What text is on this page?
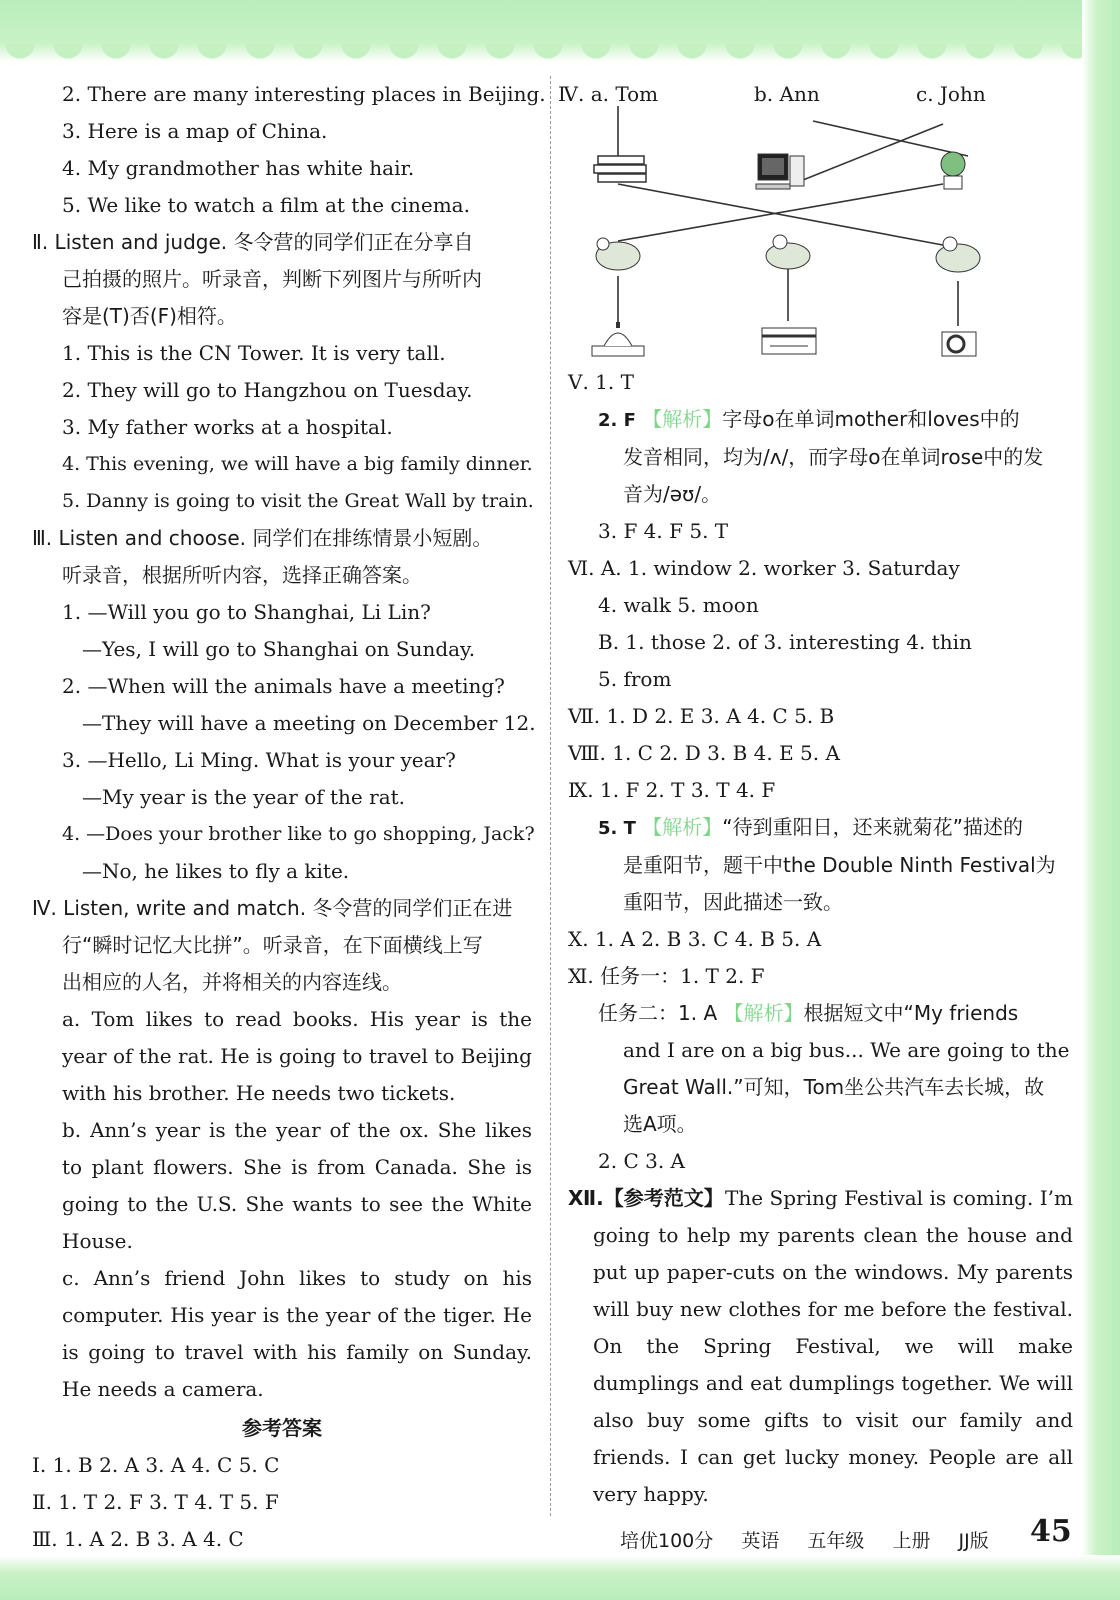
2. There are many interesting places in Beijing.
3. Here is a map of China.
4. My grandmother has white hair.
5. We like to watch a film at the cinema.
Ⅱ. Listen and judge. 冬令营的同学们正在分享自
己拍摄的照片。听录音，判断下列图片与所听内
容是(T)否(F)相符。
1. This is the CN Tower. It is very tall.
2. They will go to Hangzhou on Tuesday.
3. My father works at a hospital.
4. This evening, we will have a big family dinner.
5. Danny is going to visit the Great Wall by train.
Ⅲ. Listen and choose. 同学们在排练情景小短剧。
听录音，根据所听内容，选择正确答案。
1. —Will you go to Shanghai, Li Lin?
—Yes, I will go to Shanghai on Sunday.
2. —When will the animals have a meeting?
—They will have a meeting on December 12.
3. —Hello, Li Ming. What is your year?
—My year is the year of the rat.
4. —Does your brother like to go shopping, Jack?
—No, he likes to fly a kite.
Ⅳ. Listen, write and match. 冬令营的同学们正在进
行“瞬时记忆大比拼”。听录音，在下面横线上写
出相应的人名，并将相关的内容连线。
a. Tom likes to read books. His year is the year of the rat. He is going to travel to Beijing with his brother. He needs two tickets.
b. Ann’s year is the year of the ox. She likes to plant flowers. She is from Canada. She is going to the U.S. She wants to see the White House.
c. Ann’s friend John likes to study on his computer. His year is the year of the tiger. He is going to travel with his family on Sunday. He needs a camera.
参考答案
Ⅰ. 1. B 2. A 3. A 4. C 5. C
Ⅱ. 1. T 2. F 3. T 4. T 5. F
Ⅲ. 1. A 2. B 3. A 4. C
Ⅳ. a. Tom	b. Ann	c. John
Ⅴ. 1. T
2. F 【解析】字母o在单词mother和loves中的
发音相同，均为/ʌ/，而字母o在单词rose中的发
音为/əʊ/。
3. F 4. F 5. T
Ⅵ. A. 1. window 2. worker 3. Saturday
4. walk 5. moon
B. 1. those 2. of 3. interesting 4. thin
5. from
Ⅶ. 1. D 2. E 3. A 4. C 5. B
Ⅷ. 1. C 2. D 3. B 4. E 5. A
Ⅸ. 1. F 2. T 3. T 4. F
5. T 【解析】“待到重阳日，还来就菊花”描述的
是重阳节，题干中the Double Ninth Festival为
重阳节，因此描述一致。
Ⅹ. 1. A 2. B 3. C 4. B 5. A
Ⅺ. 任务一：1. T 2. F
任务二：1. A 【解析】根据短文中“My friends
and I are on a big bus... We are going to the
Great Wall.”可知，Tom坐公共汽车去长城，故
选A项。
2. C 3. A
Ⅻ.【参考范文】 The Spring Festival is coming. I’m going to help my parents clean the house and put up paper-cuts on the windows. My parents will buy new clothes for me before the festival. On the Spring Festival, we will make dumplings and eat dumplings together. We will also buy some gifts to visit our family and friends. I can get lucky money. People are all very happy.
培优100分 英语 五年级 上册 JJ版	45
